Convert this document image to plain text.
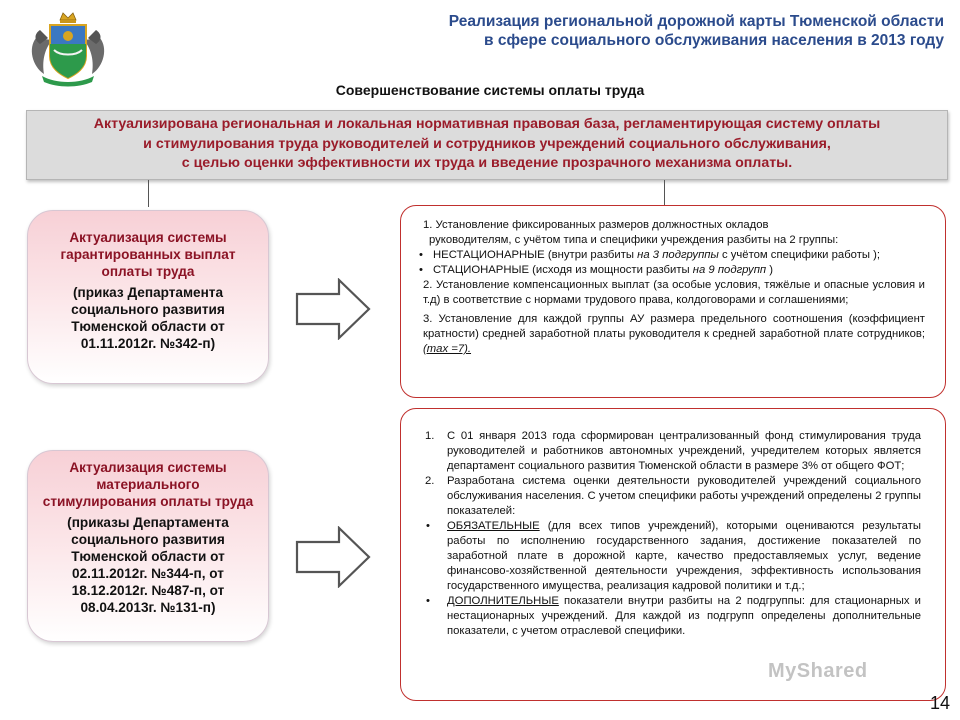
Реализация региональной дорожной карты Тюменской области
в сфере социального обслуживания населения в 2013 году
Совершенствование системы оплаты труда
Актуализирована региональная и локальная нормативная правовая база, регламентирующая систему оплаты
и стимулирования труда руководителей и сотрудников учреждений социального обслуживания,
с целью оценки эффективности их труда и введение прозрачного механизма оплаты.
Актуализация системы гарантированных выплат оплаты труда
(приказ Департамента социального развития Тюменской области от 01.11.2012г. №342-п)
Актуализация системы материального стимулирования оплаты труда
(приказы Департамента социального развития Тюменской области от 02.11.2012г. №344-п, от 18.12.2012г. №487-п, от 08.04.2013г. №131-п)
1. Установление фиксированных размеров должностных окладов
руководителям, с учётом типа и специфики учреждения разбиты на 2 группы:
• НЕСТАЦИОНАРНЫЕ (внутри разбиты на 3 подгруппы с учётом специфики работы );
• СТАЦИОНАРНЫЕ (исходя из мощности разбиты на 9 подгрупп )
2. Установление компенсационных выплат (за особые условия, тяжёлые и опасные условия и т.д) в соответствие с нормами трудового права, колдоговорами и соглашениями;
3. Установление для каждой группы АУ размера предельного соотношения (коэффициент кратности) средней заработной платы руководителя к средней заработной плате сотрудников; (max =7).
1. С 01 января 2013 года сформирован централизованный фонд стимулирования труда руководителей и работников автономных учреждений, учредителем которых является департамент социального развития Тюменской области в размере 3% от общего ФОТ;
2. Разработана система оценки деятельности руководителей учреждений социального обслуживания населения. С учетом специфики работы учреждений определены 2 группы показателей:
• ОБЯЗАТЕЛЬНЫЕ (для всех типов учреждений), которыми оцениваются результаты работы по исполнению государственного задания, достижение показателей по заработной плате в дорожной карте, качество предоставляемых услуг, ведение финансово-хозяйственной деятельности учреждения, эффективность использования государственного имущества, реализация кадровой политики и т.д.;
• ДОПОЛНИТЕЛЬНЫЕ показатели внутри разбиты на 2 подгруппы: для стационарных и нестационарных учреждений. Для каждой из подгрупп определены дополнительные показатели, с учетом отраслевой специфики.
MyShared
14
